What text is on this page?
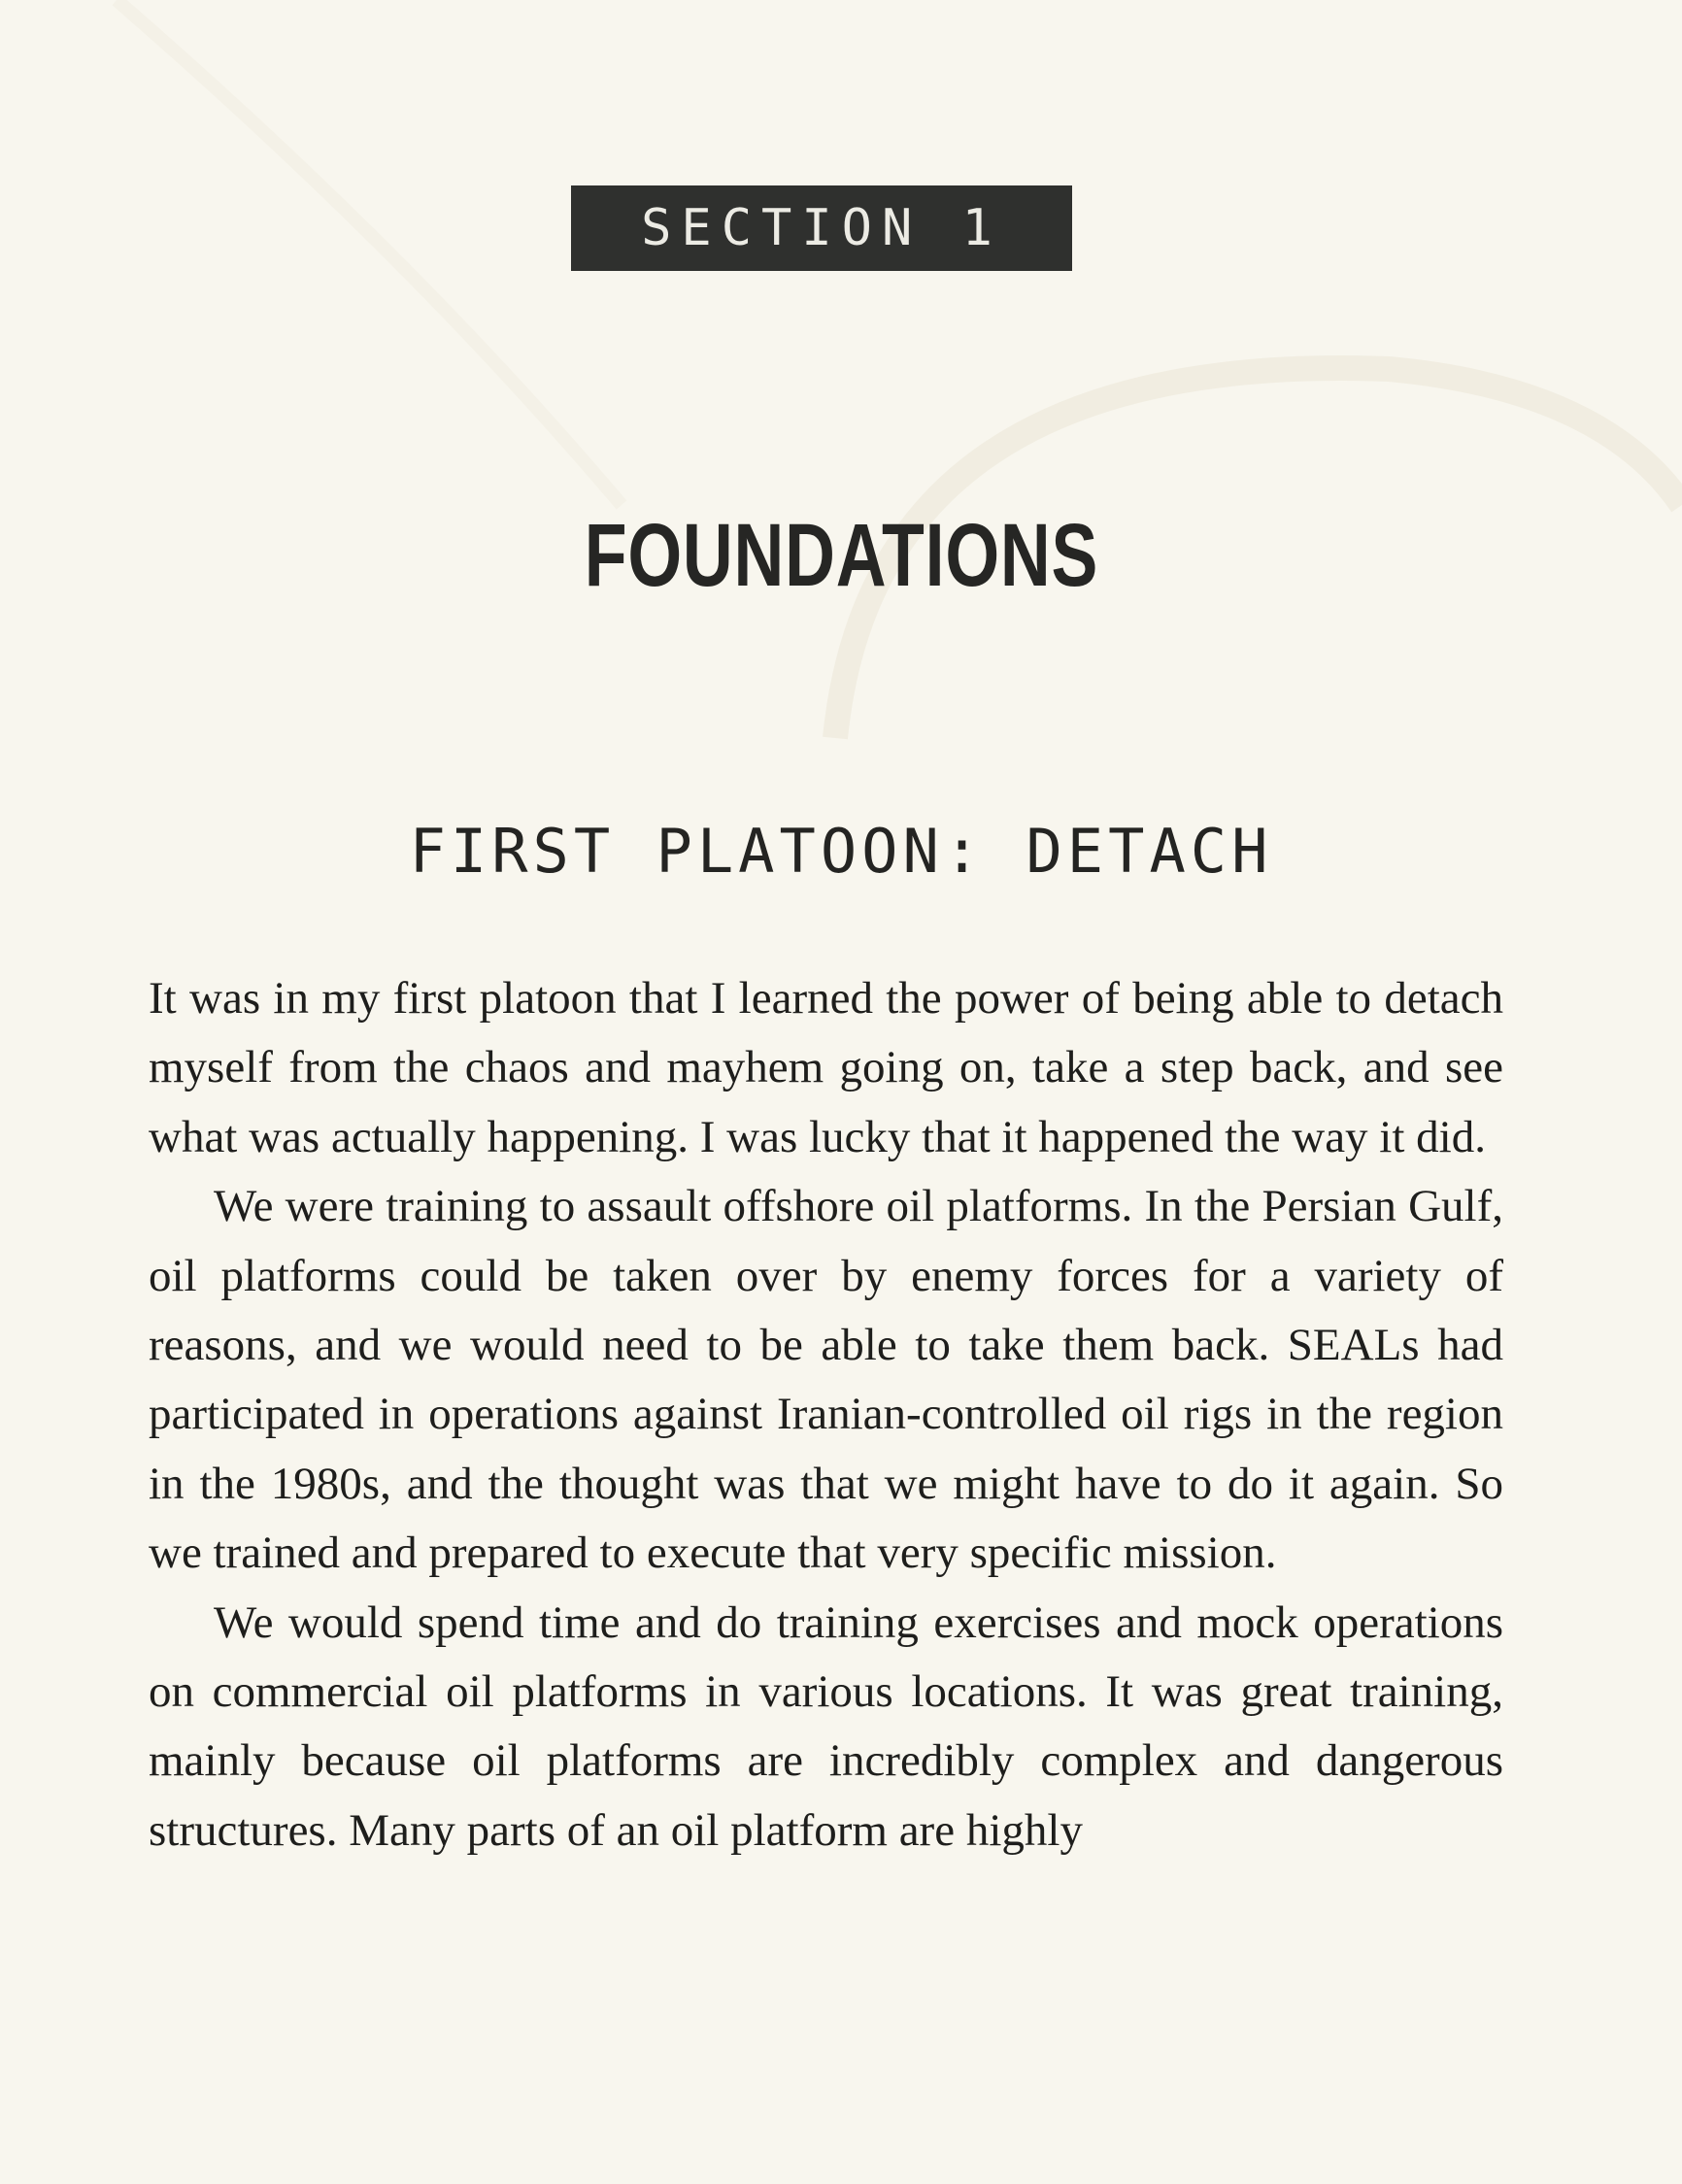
SECTION 1
FOUNDATIONS
FIRST PLATOON: DETACH

It was in my first platoon that I learned the power of being able to detach myself from the chaos and mayhem going on, take a step back, and see what was actually happening. I was lucky that it happened the way it did.

We were training to assault offshore oil platforms. In the Persian Gulf, oil platforms could be taken over by enemy forces for a variety of reasons, and we would need to be able to take them back. SEALs had participated in operations against Iranian-controlled oil rigs in the region in the 1980s, and the thought was that we might have to do it again. So we trained and prepared to execute that very specific mission.

We would spend time and do training exercises and mock operations on commercial oil platforms in various locations. It was great training, mainly because oil platforms are incredibly complex and dangerous structures. Many parts of an oil platform are highly
